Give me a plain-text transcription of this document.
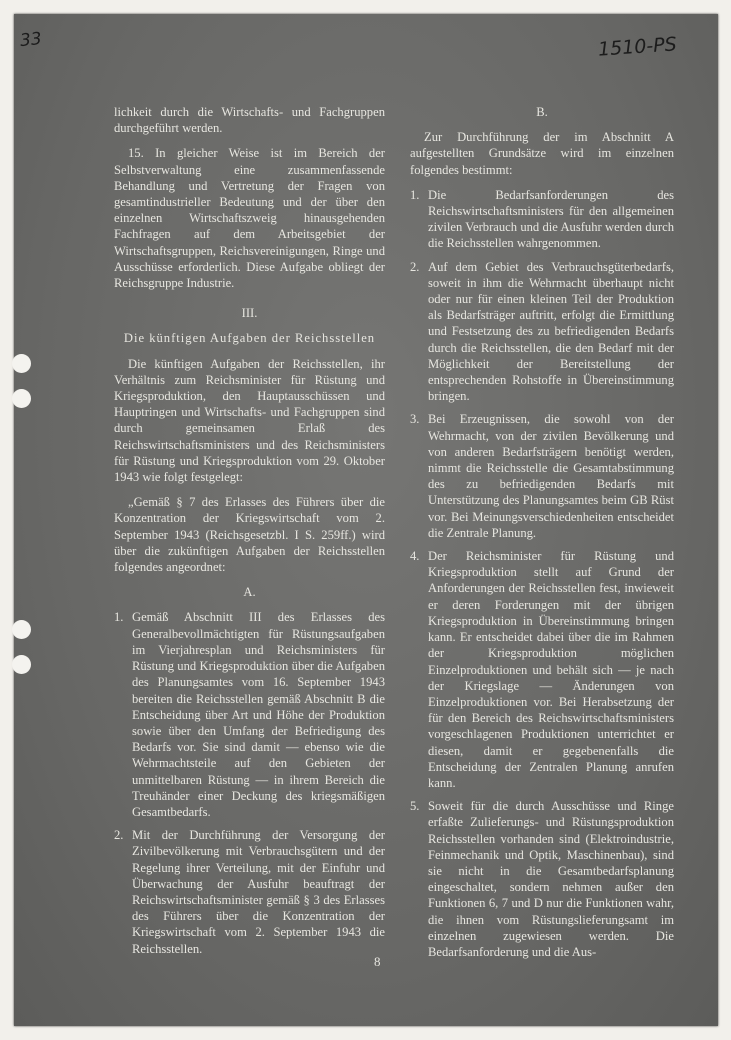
33	1510-PS

lichkeit durch die Wirtschafts- und Fachgruppen durchgeführt werden.

15. In gleicher Weise ist im Bereich der Selbstverwaltung eine zusammenfassende Behandlung und Vertretung der Fragen von gesamtindustrieller Bedeutung und der über den einzelnen Wirtschaftszweig hinausgehenden Fachfragen auf dem Arbeitsgebiet der Wirtschaftsgruppen, Reichsvereinigungen, Ringe und Ausschüsse erforderlich. Diese Aufgabe obliegt der Reichsgruppe Industrie.

III.

Die künftigen Aufgaben der Reichsstellen

Die künftigen Aufgaben der Reichsstellen, ihr Verhältnis zum Reichsminister für Rüstung und Kriegsproduktion, den Hauptausschüssen und Hauptringen und Wirtschafts- und Fachgruppen sind durch gemeinsamen Erlaß des Reichswirtschaftsministers und des Reichsministers für Rüstung und Kriegsproduktion vom 29. Oktober 1943 wie folgt festgelegt:

„Gemäß § 7 des Erlasses des Führers über die Konzentration der Kriegswirtschaft vom 2. September 1943 (Reichsgesetzbl. I S. 259ff.) wird über die zukünftigen Aufgaben der Reichsstellen folgendes angeordnet:

A.

1. Gemäß Abschnitt III des Erlasses des Generalbevollmächtigten für Rüstungsaufgaben im Vierjahresplan und Reichsministers für Rüstung und Kriegsproduktion über die Aufgaben des Planungsamtes vom 16. September 1943 bereiten die Reichsstellen gemäß Abschnitt B die Entscheidung über Art und Höhe der Produktion sowie über den Umfang der Befriedigung des Bedarfs vor. Sie sind damit — ebenso wie die Wehrmachtsteile auf den Gebieten der unmittelbaren Rüstung — in ihrem Bereich die Treuhänder einer Deckung des kriegsmäßigen Gesamtbedarfs.
2. Mit der Durchführung der Versorgung der Zivilbevölkerung mit Verbrauchsgütern und der Regelung ihrer Verteilung, mit der Einfuhr und Überwachung der Ausfuhr beauftragt der Reichswirtschaftsminister gemäß § 3 des Erlasses des Führers über die Konzentration der Kriegswirtschaft vom 2. September 1943 die Reichsstellen.

B.

Zur Durchführung der im Abschnitt A aufgestellten Grundsätze wird im einzelnen folgendes bestimmt:

1. Die Bedarfsanforderungen des Reichswirtschaftsministers für den allgemeinen zivilen Verbrauch und die Ausfuhr werden durch die Reichsstellen wahrgenommen.
2. Auf dem Gebiet des Verbrauchsgüterbedarfs, soweit in ihm die Wehrmacht überhaupt nicht oder nur für einen kleinen Teil der Produktion als Bedarfsträger auftritt, erfolgt die Ermittlung und Festsetzung des zu befriedigenden Bedarfs durch die Reichsstellen, die den Bedarf mit der Möglichkeit der Bereitstellung der entsprechenden Rohstoffe in Übereinstimmung bringen.
3. Bei Erzeugnissen, die sowohl von der Wehrmacht, von der zivilen Bevölkerung und von anderen Bedarfsträgern benötigt werden, nimmt die Reichsstelle die Gesamtabstimmung des zu befriedigenden Bedarfs mit Unterstützung des Planungsamtes beim GB Rüst vor. Bei Meinungsverschiedenheiten entscheidet die Zentrale Planung.
4. Der Reichsminister für Rüstung und Kriegsproduktion stellt auf Grund der Anforderungen der Reichsstellen fest, inwieweit er deren Forderungen mit der übrigen Kriegsproduktion in Übereinstimmung bringen kann. Er entscheidet dabei über die im Rahmen der Kriegsproduktion möglichen Einzelproduktionen und behält sich — je nach der Kriegslage — Änderungen von Einzelproduktionen vor. Bei Herabsetzung der für den Bereich des Reichswirtschaftsministers vorgeschlagenen Produktionen unterrichtet er diesen, damit er gegebenenfalls die Entscheidung der Zentralen Planung anrufen kann.
5. Soweit für die durch Ausschüsse und Ringe erfaßte Zulieferungs- und Rüstungsproduktion Reichsstellen vorhanden sind (Elektroindustrie, Feinmechanik und Optik, Maschinenbau), sind sie nicht in die Gesamtbedarfsplanung eingeschaltet, sondern nehmen außer den Funktionen 6, 7 und D nur die Funktionen wahr, die ihnen vom Rüstungslieferungsamt im einzelnen zugewiesen werden. Die Bedarfsanforderung und die Aus-
8
